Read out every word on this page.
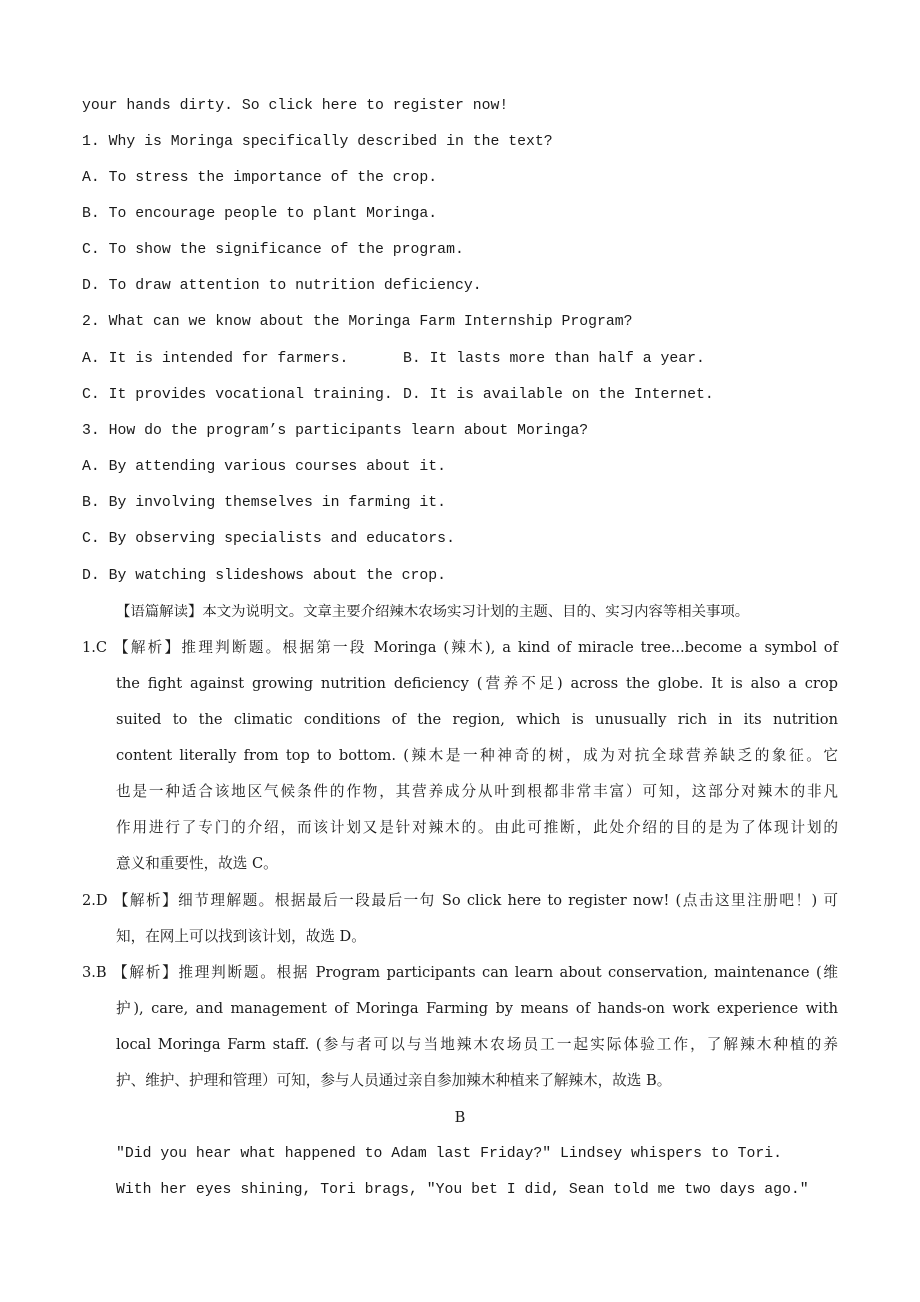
your hands dirty. So click here to register now!
1. Why is Moringa specifically described in the text?
A. To stress the importance of the crop.
B. To encourage people to plant Moringa.
C. To show the significance of the program.
D. To draw attention to nutrition deficiency.
2. What can we know about the Moringa Farm Internship Program?
A. It is intended for farmers.	B. It lasts more than half a year.
C. It provides vocational training. D. It is available on the Internet.
3. How do the program’s participants learn about Moringa?
A. By attending various courses about it.
B. By involving themselves in farming it.
C. By observing specialists and educators.
D. By watching slideshows about the crop.
【语篇解读】本文为说明文。文章主要介绍辣木农场实习计划的主题、目的、实习内容等相关事项。
1.C 【解析】推理判断题。根据第一段 Moringa (辣木), a kind of miracle tree...become a symbol of
the fight against growing nutrition deficiency (营养不足) across the globe. It is also a crop
suited to the climatic conditions of the region, which is unusually rich in its nutrition
content literally from top to bottom. (辣木是一种神奇的树，成为对抗全球营养缺乏的象征。它
也是一种适合该地区气候条件的作物，其营养成分从叶到根都非常丰富）可知，这部分对辣木的非凡
作用进行了专门的介绍，而该计划又是针对辣木的。由此可推断，此处介绍的目的是为了体现计划的
意义和重要性，故选 C。
2.D 【解析】细节理解题。根据最后一段最后一句 So click here to register now! (点击这里注册吧！) 可
知，在网上可以找到该计划，故选 D。
3.B 【解析】推理判断题。根据 Program participants can learn about conservation, maintenance (维
护), care, and management of Moringa Farming by means of hands-on work experience with
local Moringa Farm staff. (参与者可以与当地辣木农场员工一起实际体验工作，了解辣木种植的养
护、维护、护理和管理）可知，参与人员通过亲自参加辣木种植来了解辣木，故选 B。
B
"Did you hear what happened to Adam last Friday?" Lindsey whispers to Tori.
With her eyes shining, Tori brags, "You bet I did, Sean told me two days ago."
